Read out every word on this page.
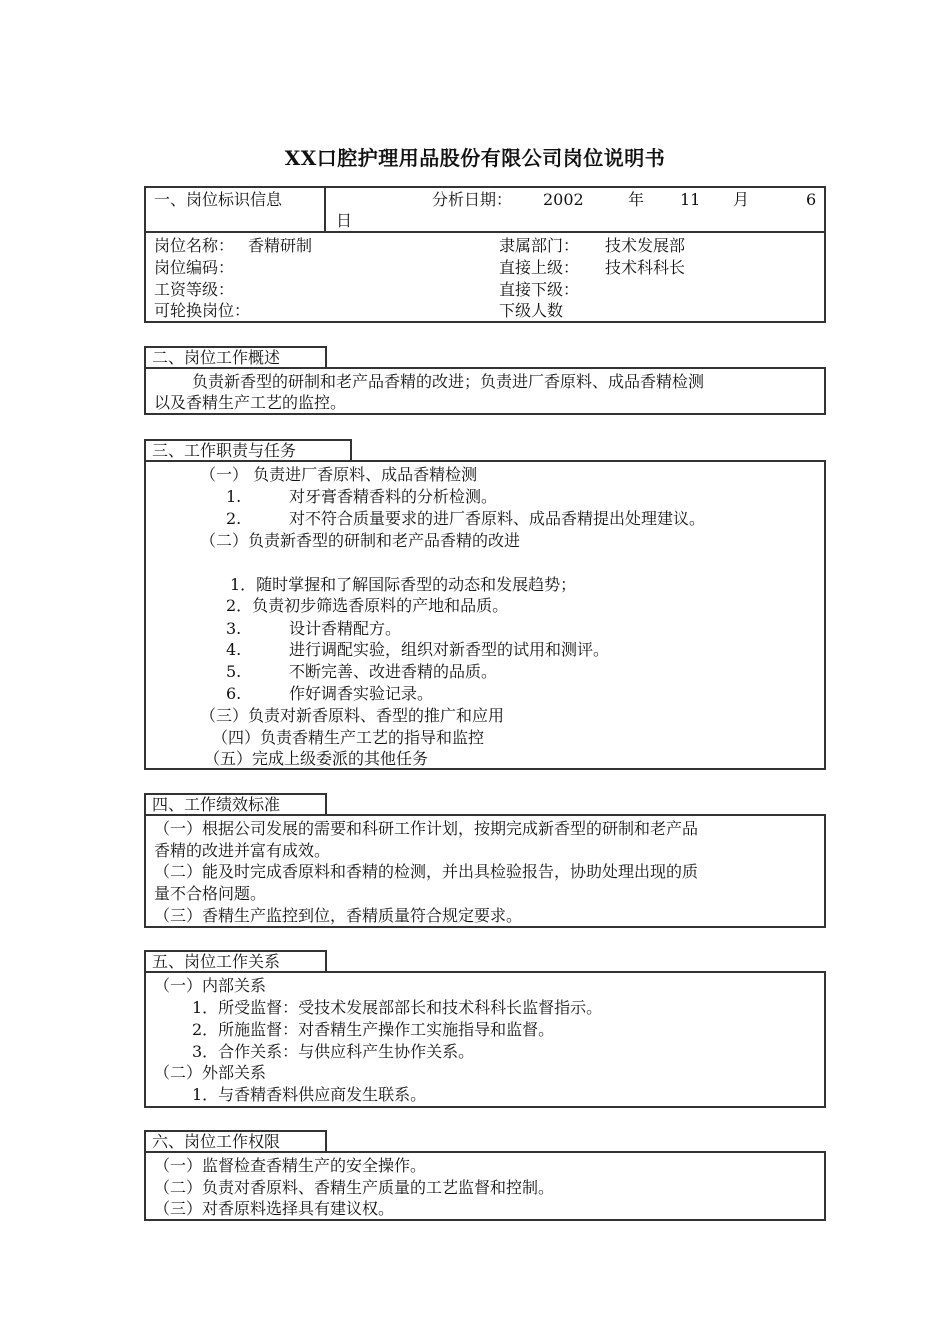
XX口腔护理用品股份有限公司岗位说明书
一、岗位标识信息	分析日期： 2002	年 11 月	6
日
岗位名称： 香精研制	隶属部门： 技术发展部
岗位编码：	直接上级： 技术科科长
工资等级：	直接下级：
可轮换岗位：	下级人数
二、岗位工作概述
负责新香型的研制和老产品香精的改进；负责进厂香原料、成品香精检测
以及香精生产工艺的监控。
三、工作职责与任务
（一） 负责进厂香原料、成品香精检测
1.	对牙膏香精香料的分析检测。
2.	对不符合质量要求的进厂香原料、成品香精提出处理建议。
（二）负责新香型的研制和老产品香精的改进
1．随时掌握和了解国际香型的动态和发展趋势；
2．负责初步筛选香原料的产地和品质。
3.	设计香精配方。
4.	进行调配实验，组织对新香型的试用和测评。
5.	不断完善、改进香精的品质。
6.	作好调香实验记录。
（三）负责对新香原料、香型的推广和应用
（四）负责香精生产工艺的指导和监控
（五）完成上级委派的其他任务
四、工作绩效标准
（一）根据公司发展的需要和科研工作计划，按期完成新香型的研制和老产品
香精的改进并富有成效。
（二）能及时完成香原料和香精的检测，并出具检验报告，协助处理出现的质
量不合格问题。
（三）香精生产监控到位，香精质量符合规定要求。
五、岗位工作关系
（一）内部关系
1．所受监督：受技术发展部部长和技术科科长监督指示。
2．所施监督：对香精生产操作工实施指导和监督。
3．合作关系：与供应科产生协作关系。
（二）外部关系
1．与香精香料供应商发生联系。
六、岗位工作权限
（一）监督检查香精生产的安全操作。
（二）负责对香原料、香精生产质量的工艺监督和控制。
（三）对香原料选择具有建议权。
